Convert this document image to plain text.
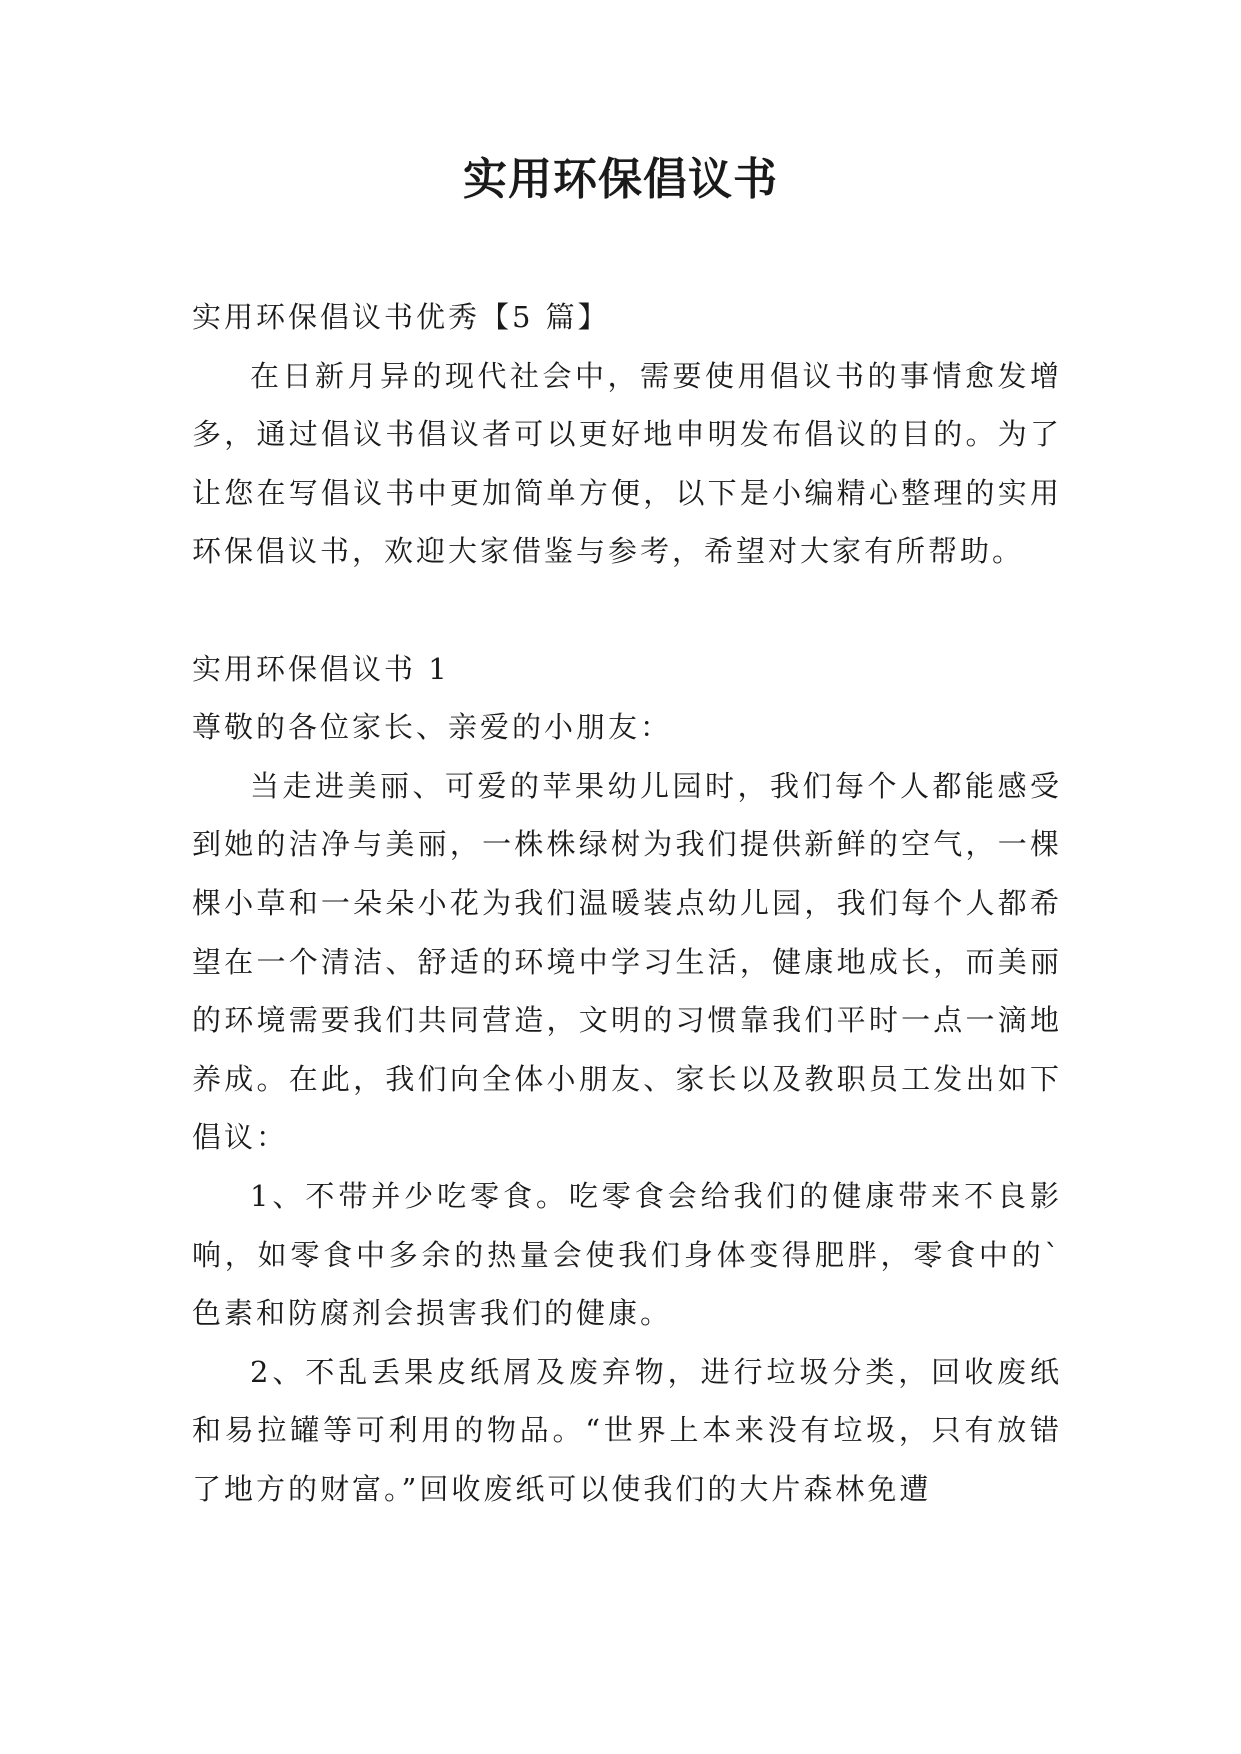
实用环保倡议书

实用环保倡议书优秀【5 篇】

在日新月异的现代社会中，需要使用倡议书的事情愈发增多，通过倡议书倡议者可以更好地申明发布倡议的目的。为了让您在写倡议书中更加简单方便，以下是小编精心整理的实用环保倡议书，欢迎大家借鉴与参考，希望对大家有所帮助。

实用环保倡议书 1

尊敬的各位家长、亲爱的小朋友：

当走进美丽、可爱的苹果幼儿园时，我们每个人都能感受到她的洁净与美丽，一株株绿树为我们提供新鲜的空气，一棵棵小草和一朵朵小花为我们温暖装点幼儿园，我们每个人都希望在一个清洁、舒适的环境中学习生活，健康地成长，而美丽的环境需要我们共同营造，文明的习惯靠我们平时一点一滴地养成。在此，我们向全体小朋友、家长以及教职员工发出如下倡议：

1、不带并少吃零食。吃零食会给我们的健康带来不良影响，如零食中多余的热量会使我们身体变得肥胖，零食中的`色素和防腐剂会损害我们的健康。

2、不乱丢果皮纸屑及废弃物，进行垃圾分类，回收废纸和易拉罐等可利用的物品。“世界上本来没有垃圾，只有放错了地方的财富。”回收废纸可以使我们的大片森林免遭
